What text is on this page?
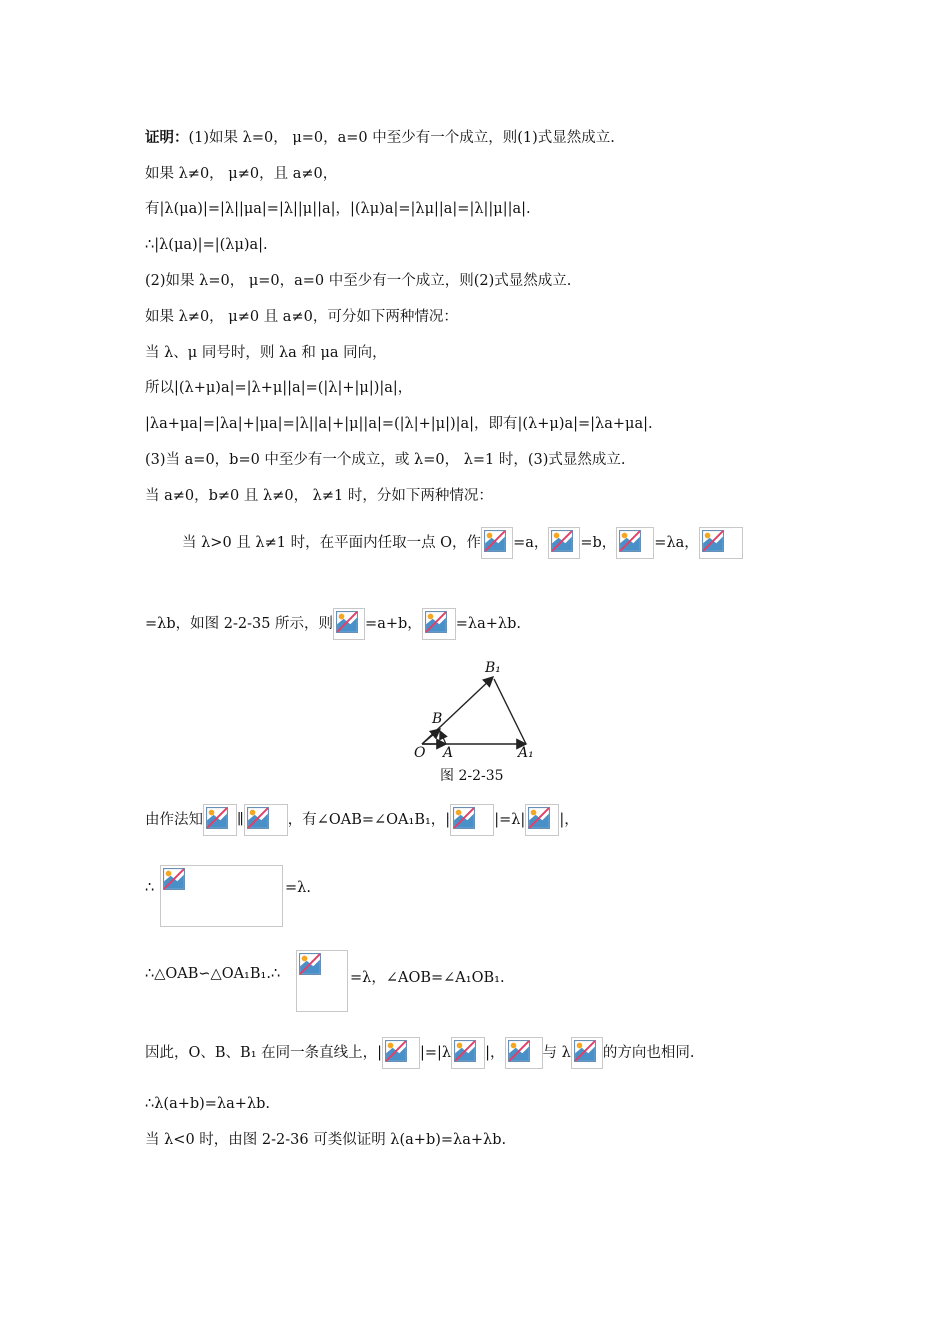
证明：(1)如果 λ=0， μ=0，a=0 中至少有一个成立，则(1)式显然成立.
如果 λ≠0， μ≠0，且 a≠0，
有|λ(μa)|=|λ||μa|=|λ||μ||a|，|(λμ)a|=|λμ||a|=|λ||μ||a|.
∴|λ(μa)|=|(λμ)a|.
(2)如果 λ=0， μ=0，a=0 中至少有一个成立，则(2)式显然成立.
如果 λ≠0， μ≠0 且 a≠0，可分如下两种情况：
当 λ、μ 同号时，则 λa 和 μa 同向，
所以|(λ+μ)a|=|λ+μ||a|=(|λ|+|μ|)|a|，
|λa+μa|=|λa|+|μa|=|λ||a|+|μ||a|=(|λ|+|μ|)|a|，即有|(λ+μ)a|=|λa+μa|.
(3)当 a=0，b=0 中至少有一个成立，或 λ=0， λ=1 时，(3)式显然成立.
当 a≠0，b≠0 且 λ≠0， λ≠1 时，分如下两种情况：
当 λ>0 且 λ≠1 时，在平面内任取一点 O，作 =a， =b，	=λa，
=λb，如图 2-2-35 所示，则 =a+b， =λa+λb.
O A	A₁
B
B₁
图 2-2-35
由作法知 ∥	，有∠OAB=∠OA₁B₁，|	|=λ| |，
∴	=λ.
∴△OAB∽△OA₁B₁.∴	=λ，∠AOB=∠A₁OB₁.
因此，O、B、B₁ 在同一条直线上，|	|=|λ |，	与 λ 的方向也相同.
∴λ(a+b)=λa+λb.
当 λ<0 时，由图 2-2-36 可类似证明 λ(a+b)=λa+λb.
